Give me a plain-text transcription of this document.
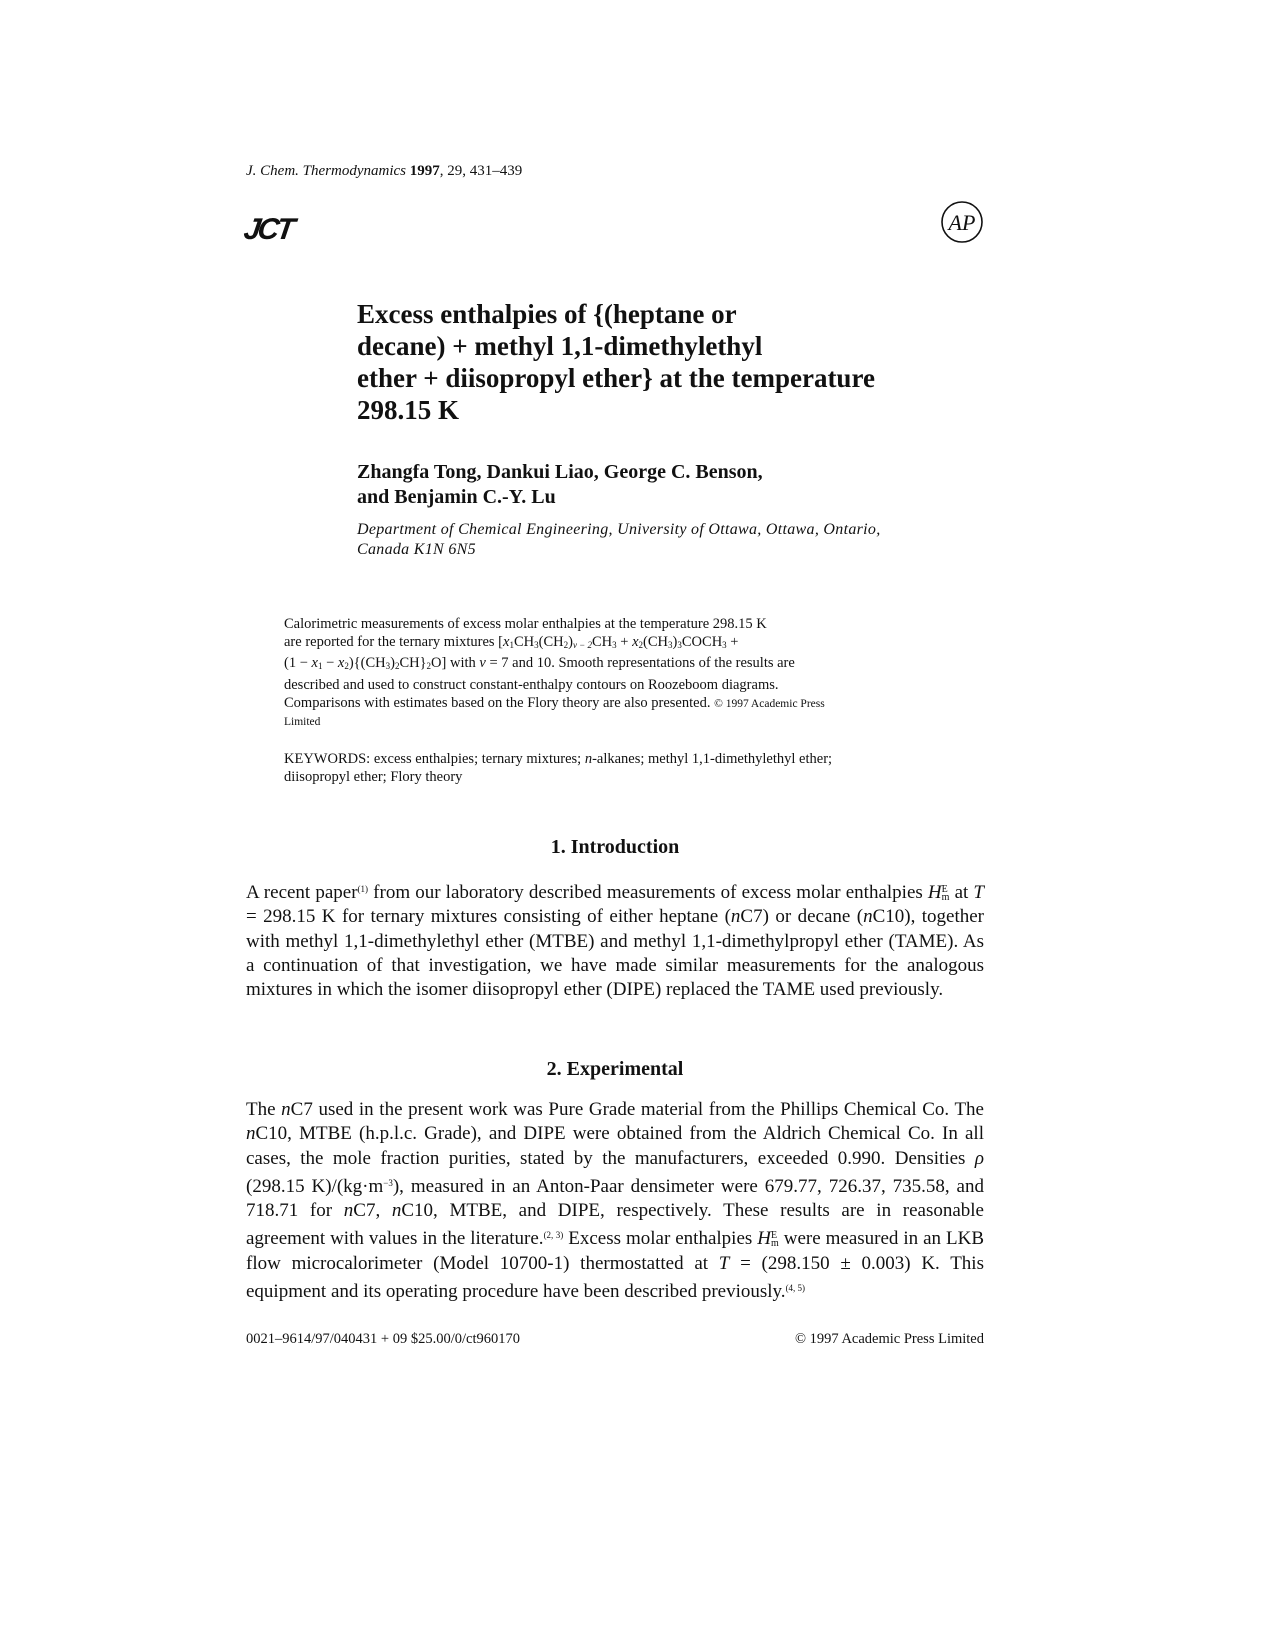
J. Chem. Thermodynamics 1997, 29, 431–439
JCT	AP
Excess enthalpies of {(heptane or
decane) + methyl 1,1-dimethylethyl
ether + diisopropyl ether} at the temperature
298.15 K
Zhangfa Tong, Dankui Liao, George C. Benson,
and Benjamin C.-Y. Lu
Department of Chemical Engineering, University of Ottawa, Ottawa, Ontario,
Canada K1N 6N5
Calorimetric measurements of excess molar enthalpies at the temperature 298.15 K
are reported for the ternary mixtures [$x_1CH_3(CH_2)_{v - 2}CH_3$ + $x_2(CH_3)_3COCH_3$ +
$(1 - x_1 - x_2)\{(CH_3)_2CH\}_2O$] with v = 7 and 10. Smooth representations of the results are
described and used to construct constant-enthalpy contours on Roozeboom diagrams.
Comparisons with estimates based on the Flory theory are also presented. © 1997 Academic Press
Limited
KEYWORDS: excess enthalpies; ternary mixtures; n-alkanes; methyl 1,1-dimethylethyl ether;
diisopropyl ether; Flory theory
1. Introduction
A recent paper$^{(1)}$ from our laboratory described measurements of excess molar enthalpies H E
m at T = 298.15 K for ternary mixtures consisting of either heptane (nC7) or decane (nC10), together with methyl 1,1-dimethylethyl ether (MTBE) and methyl 1,1-dimethylpropyl ether (TAME). As a continuation of that investigation, we have made similar measurements for the analogous mixtures in which the isomer diisopropyl ether (DIPE) replaced the TAME used previously.
2. Experimental
The nC7 used in the present work was Pure Grade material from the Phillips Chemical Co. The nC10, MTBE (h.p.l.c. Grade), and DIPE were obtained from the Aldrich Chemical Co. In all cases, the mole fraction purities, stated by the manufacturers, exceeded 0.990. Densities ρ (298.15 $K)/(kg\cdot m^{-3})$, measured in an Anton-Paar densimeter were 679.77, 726.37, 735.58, and 718.71 for nC7, nC10, MTBE, and DIPE, respectively. These results are in reasonable agreement with values in the literature.$^{(2, 3)}$ Excess molar enthalpies H E
m were measured in an LKB flow microcalorimeter (Model 10700-1) thermostatted at T = (298.150 ± 0.003) K. This equipment and its operating procedure have been described previously.$^{(4, 5)}$
0021–9614/97/040431 + 09 $25.00/0/ct960170	© 1997 Academic Press Limited
